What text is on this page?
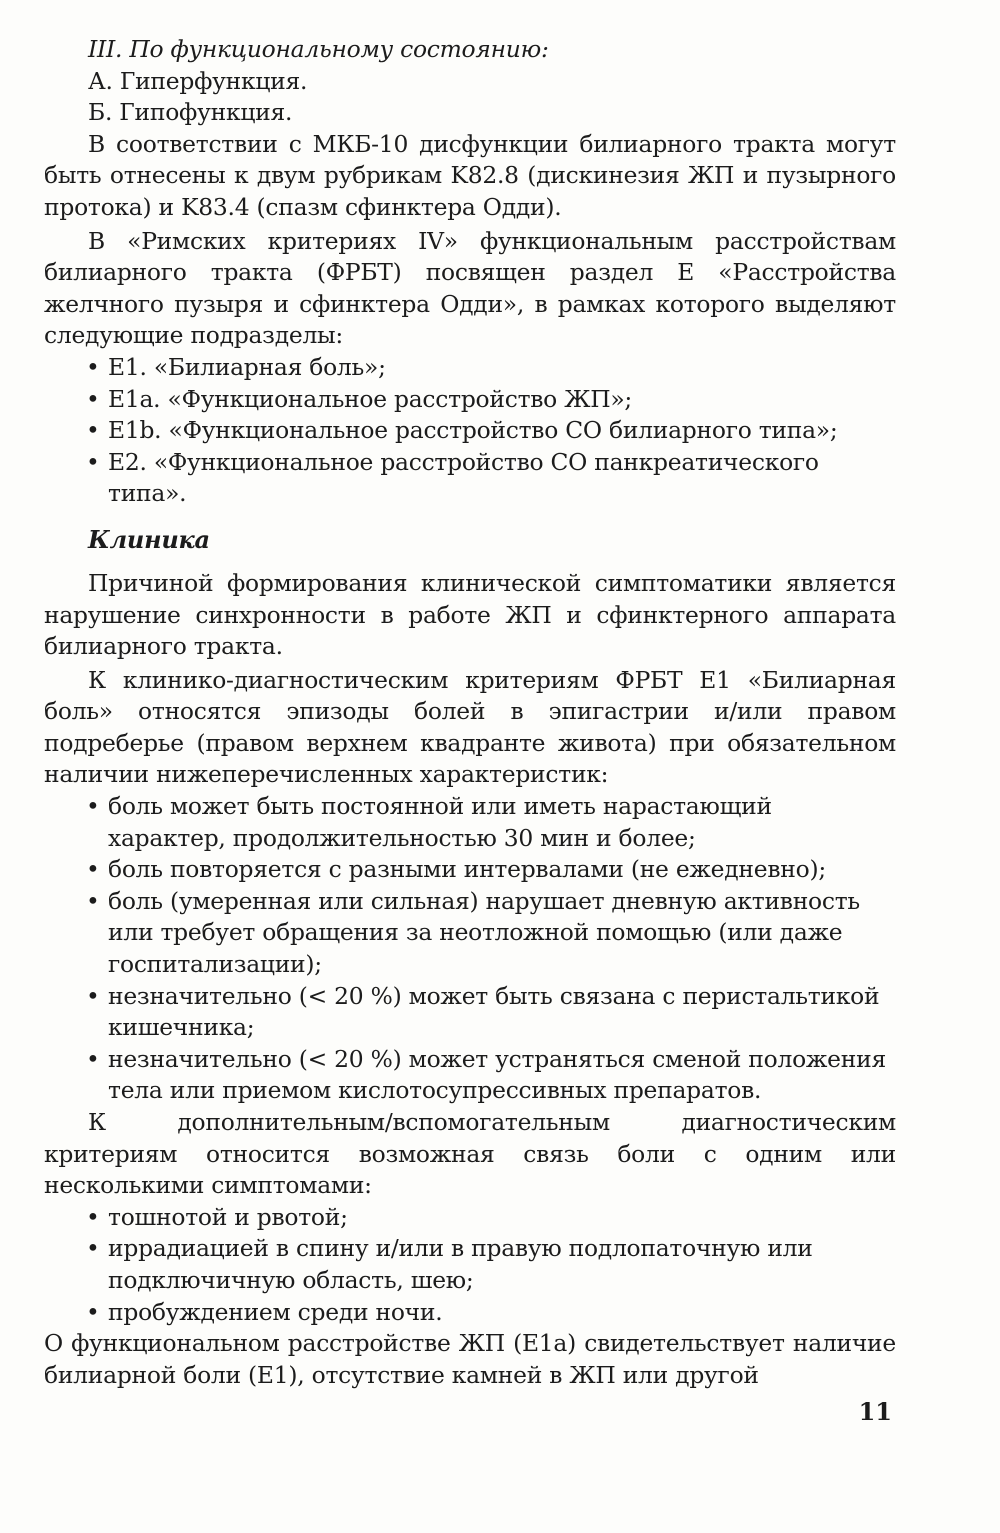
III. По функциональному состоянию:

А. Гиперфункция.

Б. Гипофункция.

В соответствии с МКБ-10 дисфункции билиарного тракта могут быть отнесены к двум рубрикам K82.8 (дискинезия ЖП и пузырного протока) и K83.4 (спазм сфинктера Одди).

В «Римских критериях IV» функциональным расстройствам билиарного тракта (ФРБТ) посвящен раздел E «Расстройства желчного пузыря и сфинктера Одди», в рамках которого выделяют следующие подразделы:

• E1. «Билиарная боль»;
• E1a. «Функциональное расстройство ЖП»;
• E1b. «Функциональное расстройство СО билиарного типа»;
• E2. «Функциональное расстройство СО панкреатического типа».
Клиника

Причиной формирования клинической симптоматики является нарушение синхронности в работе ЖП и сфинктерного аппарата билиарного тракта.

К клинико-диагностическим критериям ФРБТ E1 «Билиарная боль» относятся эпизоды болей в эпигастрии и/или правом подреберье (правом верхнем квадранте живота) при обязательном наличии нижеперечисленных характеристик:

• боль может быть постоянной или иметь нарастающий характер, продолжительностью 30 мин и более;
• боль повторяется с разными интервалами (не ежедневно);
• боль (умеренная или сильная) нарушает дневную активность или требует обращения за неотложной помощью (или даже госпитализации);
• незначительно (< 20 %) может быть связана с перистальтикой кишечника;
• незначительно (< 20 %) может устраняться сменой положения тела или приемом кислотосупрессивных препаратов.

К дополнительным/вспомогательным диагностическим критериям относится возможная связь боли с одним или несколькими симптомами:

• тошнотой и рвотой;
• иррадиацией в спину и/или в правую подлопаточную или подключичную область, шею;
• пробуждением среди ночи.

О функциональном расстройстве ЖП (E1a) свидетельствует наличие билиарной боли (E1), отсутствие камней в ЖП или другой

11
